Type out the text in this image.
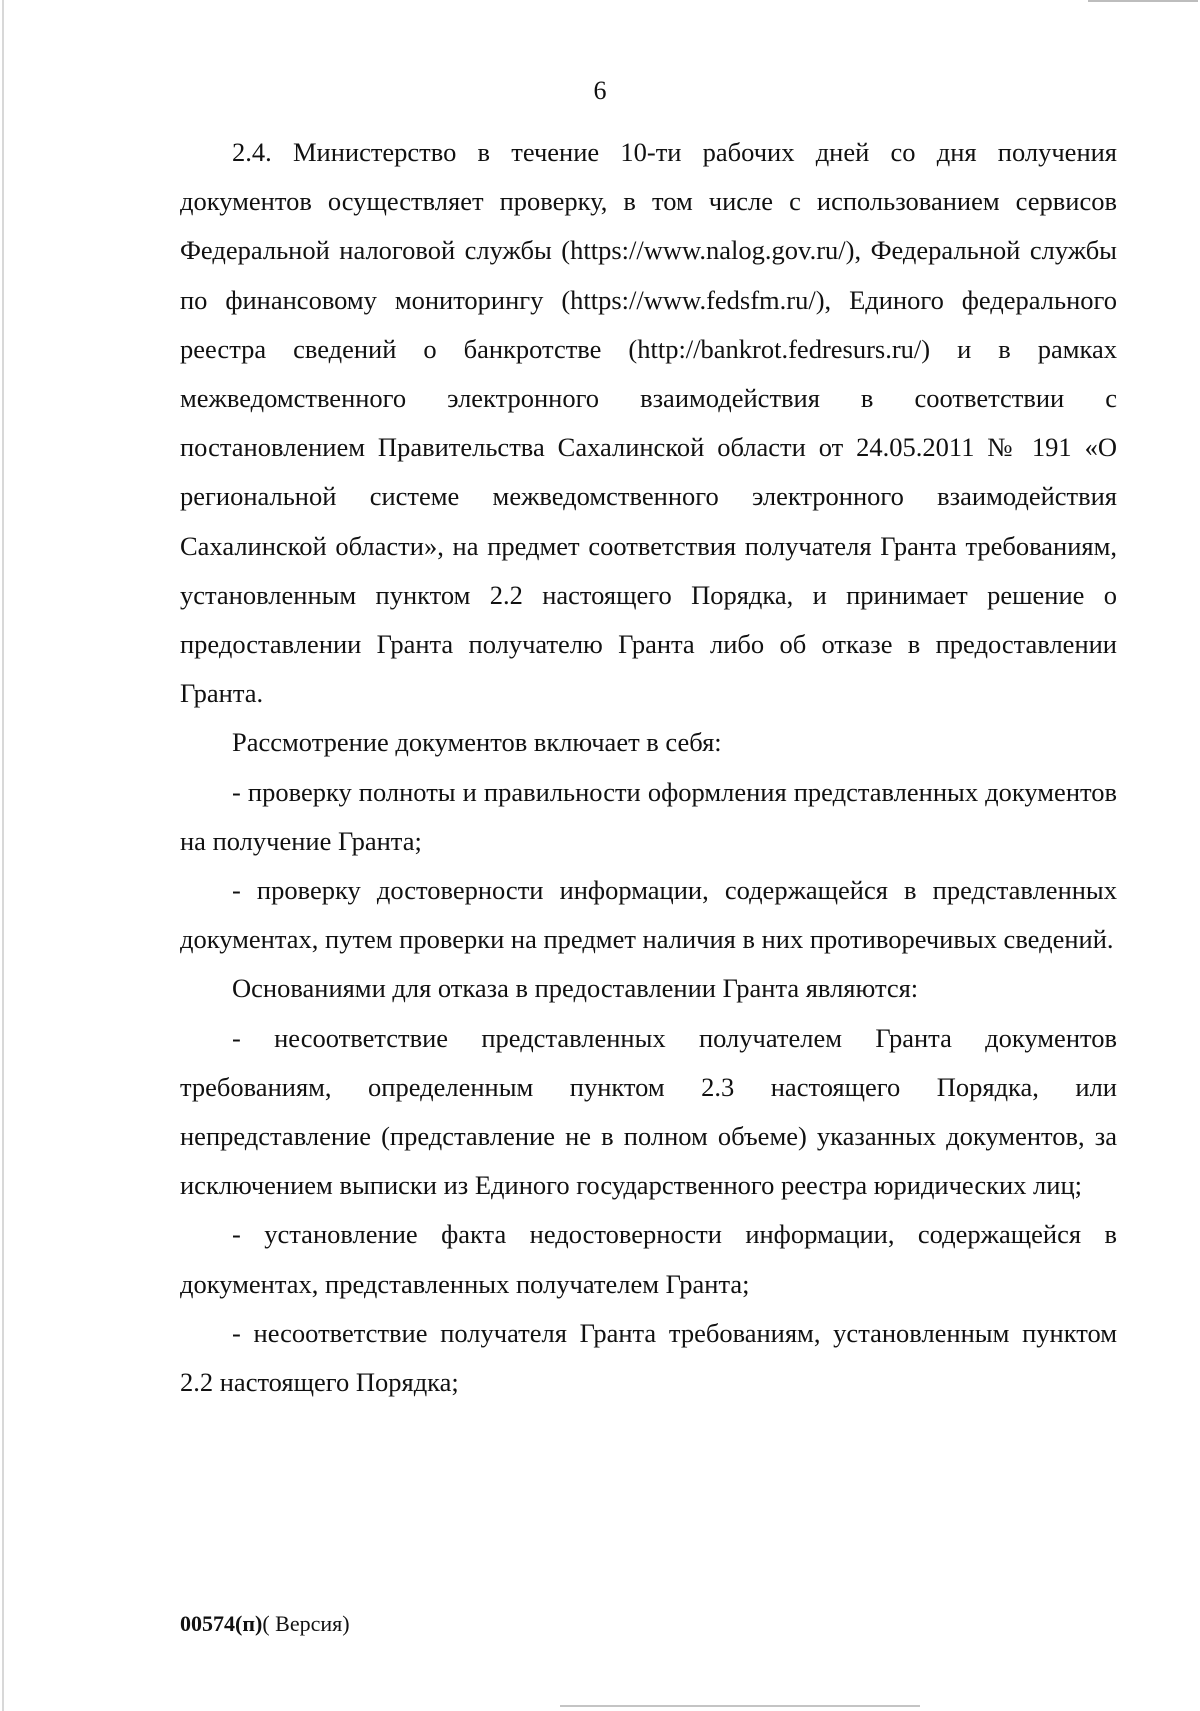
6

2.4. Министерство в течение 10-ти рабочих дней со дня получения документов осуществляет проверку, в том числе с использованием сервисов Федеральной налоговой службы (https://www.nalog.gov.ru/), Федеральной службы по финансовому мониторингу (https://www.fedsfm.ru/), Единого федерального реестра сведений о банкротстве (http://bankrot.fedresurs.ru/) и в рамках межведомственного электронного взаимодействия в соответствии с постановлением Правительства Сахалинской области от 24.05.2011 № 191 «О региональной системе межведомственного электронного взаимодействия Сахалинской области», на предмет соответствия получателя Гранта требованиям, установленным пунктом 2.2 настоящего Порядка, и принимает решение о предоставлении Гранта получателю Гранта либо об отказе в предоставлении Гранта.

Рассмотрение документов включает в себя:

- проверку полноты и правильности оформления представленных документов на получение Гранта;

- проверку достоверности информации, содержащейся в представленных документах, путем проверки на предмет наличия в них противоречивых сведений.

Основаниями для отказа в предоставлении Гранта являются:

- несоответствие представленных получателем Гранта документов требованиям, определенным пунктом 2.3 настоящего Порядка, или непредставление (представление не в полном объеме) указанных документов, за исключением выписки из Единого государственного реестра юридических лиц;

- установление факта недостоверности информации, содержащейся в документах, представленных получателем Гранта;

- несоответствие получателя Гранта требованиям, установленным пунктом 2.2 настоящего Порядка;

00574(п)( Версия)
